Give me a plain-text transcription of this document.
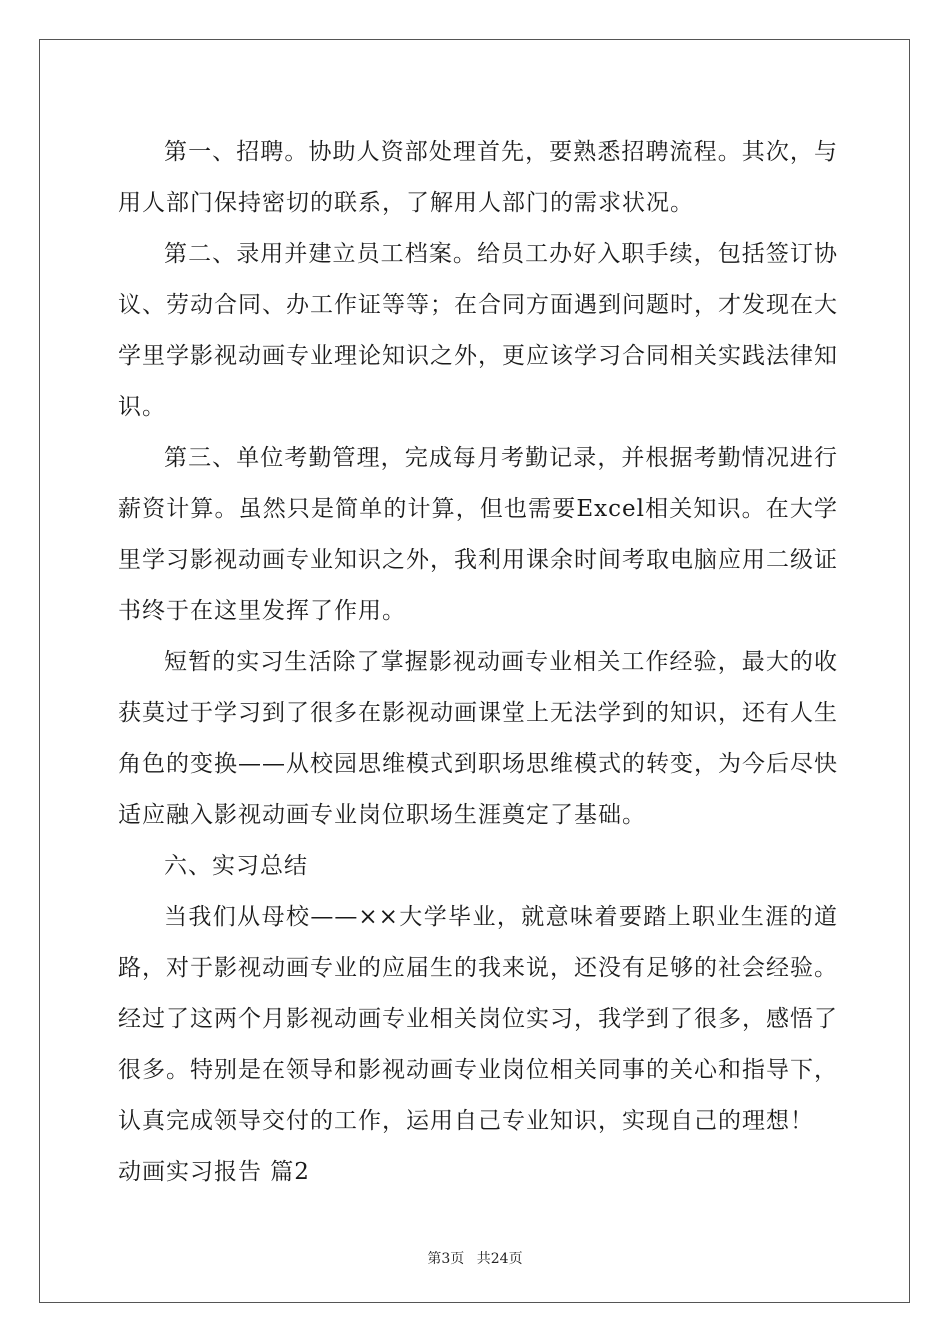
第一、招聘。协助人资部处理首先，要熟悉招聘流程。其次，与用人部门保持密切的联系，了解用人部门的需求状况。

第二、录用并建立员工档案。给员工办好入职手续，包括签订协议、劳动合同、办工作证等等；在合同方面遇到问题时，才发现在大学里学影视动画专业理论知识之外，更应该学习合同相关实践法律知识。

第三、单位考勤管理，完成每月考勤记录，并根据考勤情况进行薪资计算。虽然只是简单的计算，但也需要Excel相关知识。在大学里学习影视动画专业知识之外，我利用课余时间考取电脑应用二级证书终于在这里发挥了作用。

短暂的实习生活除了掌握影视动画专业相关工作经验，最大的收获莫过于学习到了很多在影视动画课堂上无法学到的知识，还有人生角色的变换——从校园思维模式到职场思维模式的转变，为今后尽快适应融入影视动画专业岗位职场生涯奠定了基础。

六、实习总结

当我们从母校——××大学毕业，就意味着要踏上职业生涯的道路，对于影视动画专业的应届生的我来说，还没有足够的社会经验。经过了这两个月影视动画专业相关岗位实习，我学到了很多，感悟了很多。特别是在领导和影视动画专业岗位相关同事的关心和指导下，认真完成领导交付的工作，运用自己专业知识，实现自己的理想！

动画实习报告 篇2

第3页 共24页
